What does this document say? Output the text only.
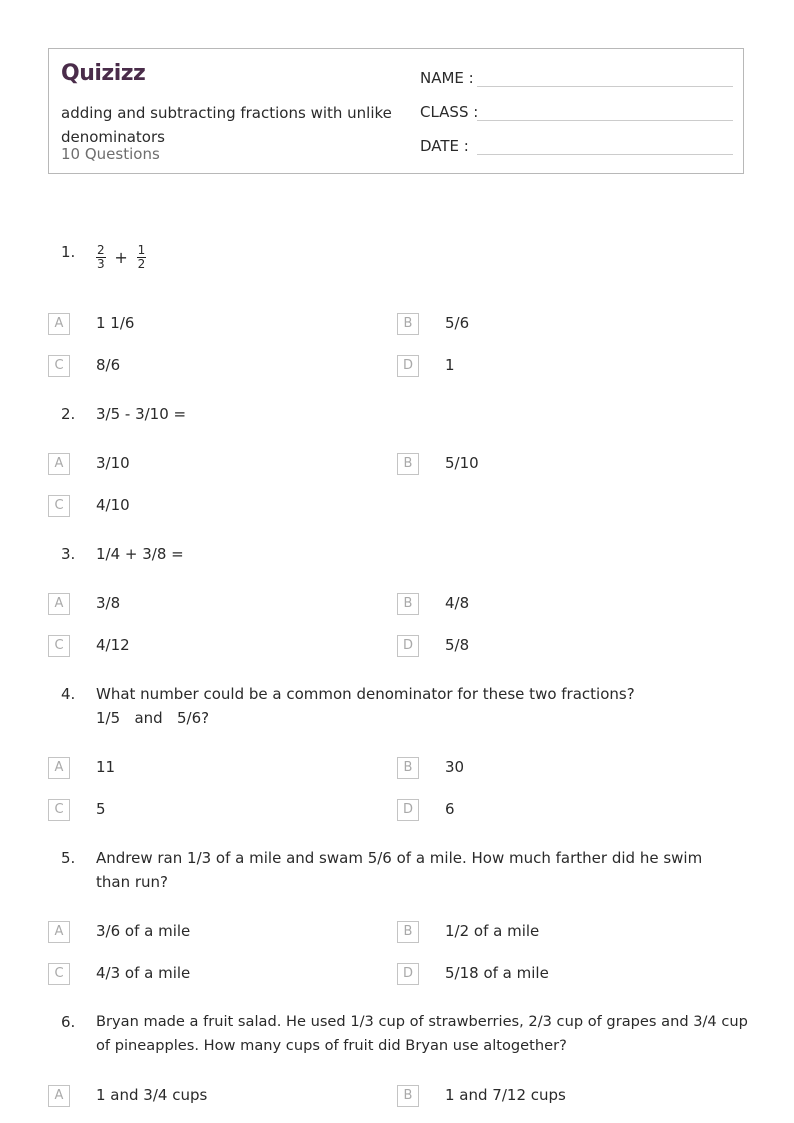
Quizizz
adding and subtracting fractions with unlike denominators
10 Questions
NAME :
CLASS :
DATE :
1. $\frac{2}{3} + \frac{1}{2}$
A	1 1/6	B	5/6
C	8/6	D	1
2. 3/5 - 3/10 =
A	3/10	B	5/10
C	4/10
3. 1/4 + 3/8 =
A	3/8	B	4/8
C	4/12	D	5/8
4. What number could be a common denominator for these two fractions?
1/5   and   5/6?
A	11	B	30
C	5	D	6
5. Andrew ran 1/3 of a mile and swam 5/6 of a mile. How much farther did he swim than run?
A	3/6 of a mile	B	1/2 of a mile
C	4/3 of a mile	D	5/18 of a mile
6. Bryan made a fruit salad. He used 1/3 cup of strawberries, 2/3 cup of grapes and 3/4 cup of pineapples. How many cups of fruit did Bryan use altogether?
A	1 and 3/4 cups	B	1 and 7/12 cups
